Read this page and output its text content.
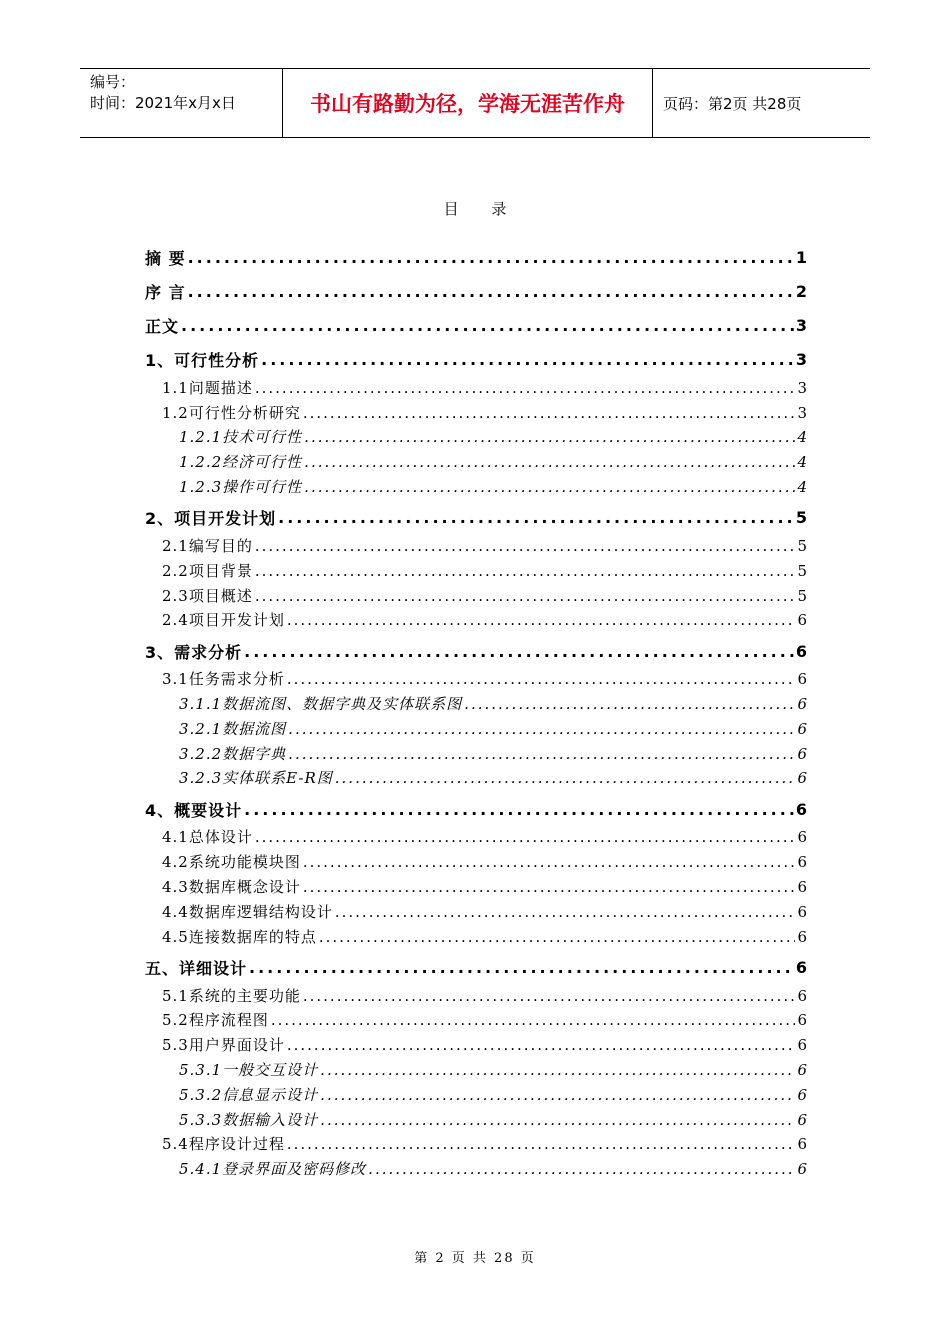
编号：
时间：2021年x月x日	书山有路勤为径，学海无涯苦作舟	页码：第2页 共28页
目 录
摘 要 .....	1
序 言 .....	2
正文 .....	3
1、可行性分析 .....	3
1.1问题描述 .....	3
1.2可行性分析研究 .....	3
1.2.1技术可行性 .....	4
1.2.2经济可行性 .....	4
1.2.3操作可行性 .....	4
2、项目开发计划 .....	5
2.1编写目的 .....	5
2.2项目背景 .....	5
2.3项目概述 .....	5
2.4项目开发计划 .....	6
3、需求分析 .....	6
3.1任务需求分析 .....	6
3.1.1数据流图、数据字典及实体联系图 .....	6
3.2.1数据流图 .....	6
3.2.2数据字典 .....	6
3.2.3实体联系E-R图 .....	6
4、概要设计 .....	6
4.1总体设计 .....	6
4.2系统功能模块图 .....	6
4.3数据库概念设计 .....	6
4.4数据库逻辑结构设计 .....	6
4.5连接数据库的特点 .....	6
五、详细设计 .....	6
5.1系统的主要功能 .....	6
5.2程序流程图 .....	6
5.3用户界面设计 .....	6
5.3.1一般交互设计 .....	6
5.3.2信息显示设计 .....	6
5.3.3数据输入设计 .....	6
5.4程序设计过程 .....	6
5.4.1登录界面及密码修改 .....	6
第 2 页 共 28 页
